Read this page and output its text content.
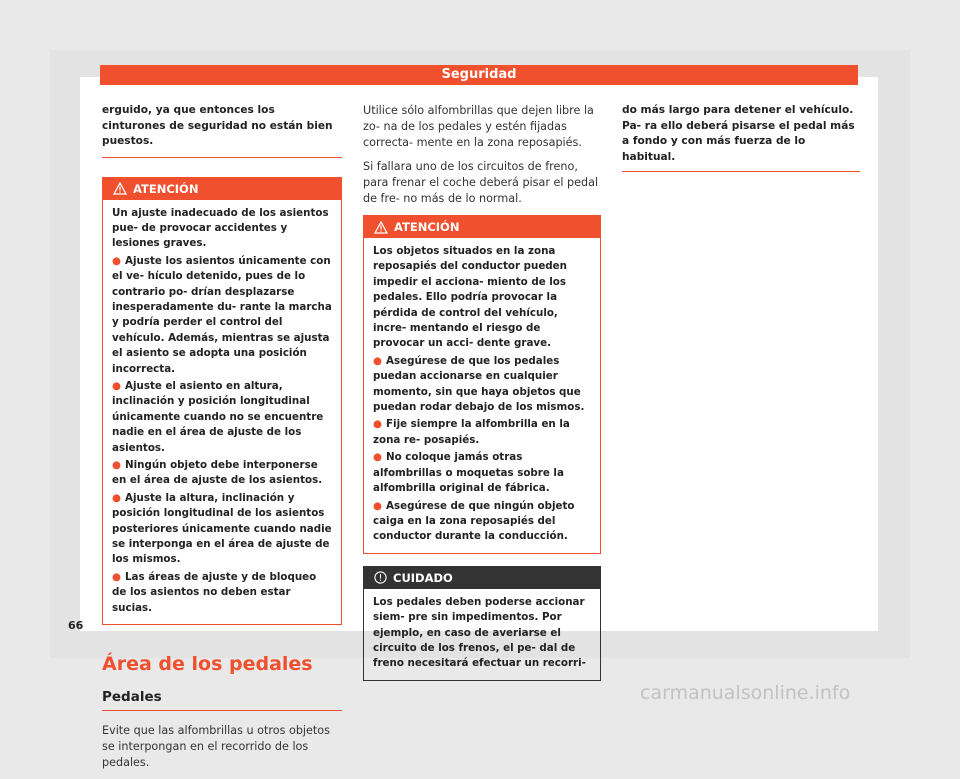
Seguridad

erguido, ya que entonces los cinturones de seguridad no están bien puestos.

ATENCIÓN

Un ajuste inadecuado de los asientos pue- de provocar accidentes y lesiones graves.

● Ajuste los asientos únicamente con el ve- hículo detenido, pues de lo contrario po- drían desplazarse inesperadamente du- rante la marcha y podría perder el control del vehículo. Además, mientras se ajusta el asiento se adopta una posición incorrecta.

● Ajuste el asiento en altura, inclinación y posición longitudinal únicamente cuando no se encuentre nadie en el área de ajuste de los asientos.

● Ningún objeto debe interponerse en el área de ajuste de los asientos.

● Ajuste la altura, inclinación y posición longitudinal de los asientos posteriores únicamente cuando nadie se interponga en el área de ajuste de los mismos.

● Las áreas de ajuste y de bloqueo de los asientos no deben estar sucias.

Área de los pedales
Pedales

Evite que las alfombrillas u otros objetos se interpongan en el recorrido de los pedales.

Utilice sólo alfombrillas que dejen libre la zo- na de los pedales y estén fijadas correcta- mente en la zona reposapiés.

Si fallara uno de los circuitos de freno, para frenar el coche deberá pisar el pedal de fre- no más de lo normal.

ATENCIÓN

Los objetos situados en la zona reposapiés del conductor pueden impedir el acciona- miento de los pedales. Ello podría provocar la pérdida de control del vehículo, incre- mentando el riesgo de provocar un acci- dente grave.

● Asegúrese de que los pedales puedan accionarse en cualquier momento, sin que haya objetos que puedan rodar debajo de los mismos.

● Fije siempre la alfombrilla en la zona re- posapiés.

● No coloque jamás otras alfombrillas o moquetas sobre la alfombrilla original de fábrica.

● Asegúrese de que ningún objeto caiga en la zona reposapiés del conductor durante la conducción.

CUIDADO

Los pedales deben poderse accionar siem- pre sin impedimentos. Por ejemplo, en caso de averiarse el circuito de los frenos, el pe- dal de freno necesitará efectuar un recorri-

do más largo para detener el vehículo. Pa- ra ello deberá pisarse el pedal más a fondo y con más fuerza de lo habitual.

66
carmanualsonline.info
